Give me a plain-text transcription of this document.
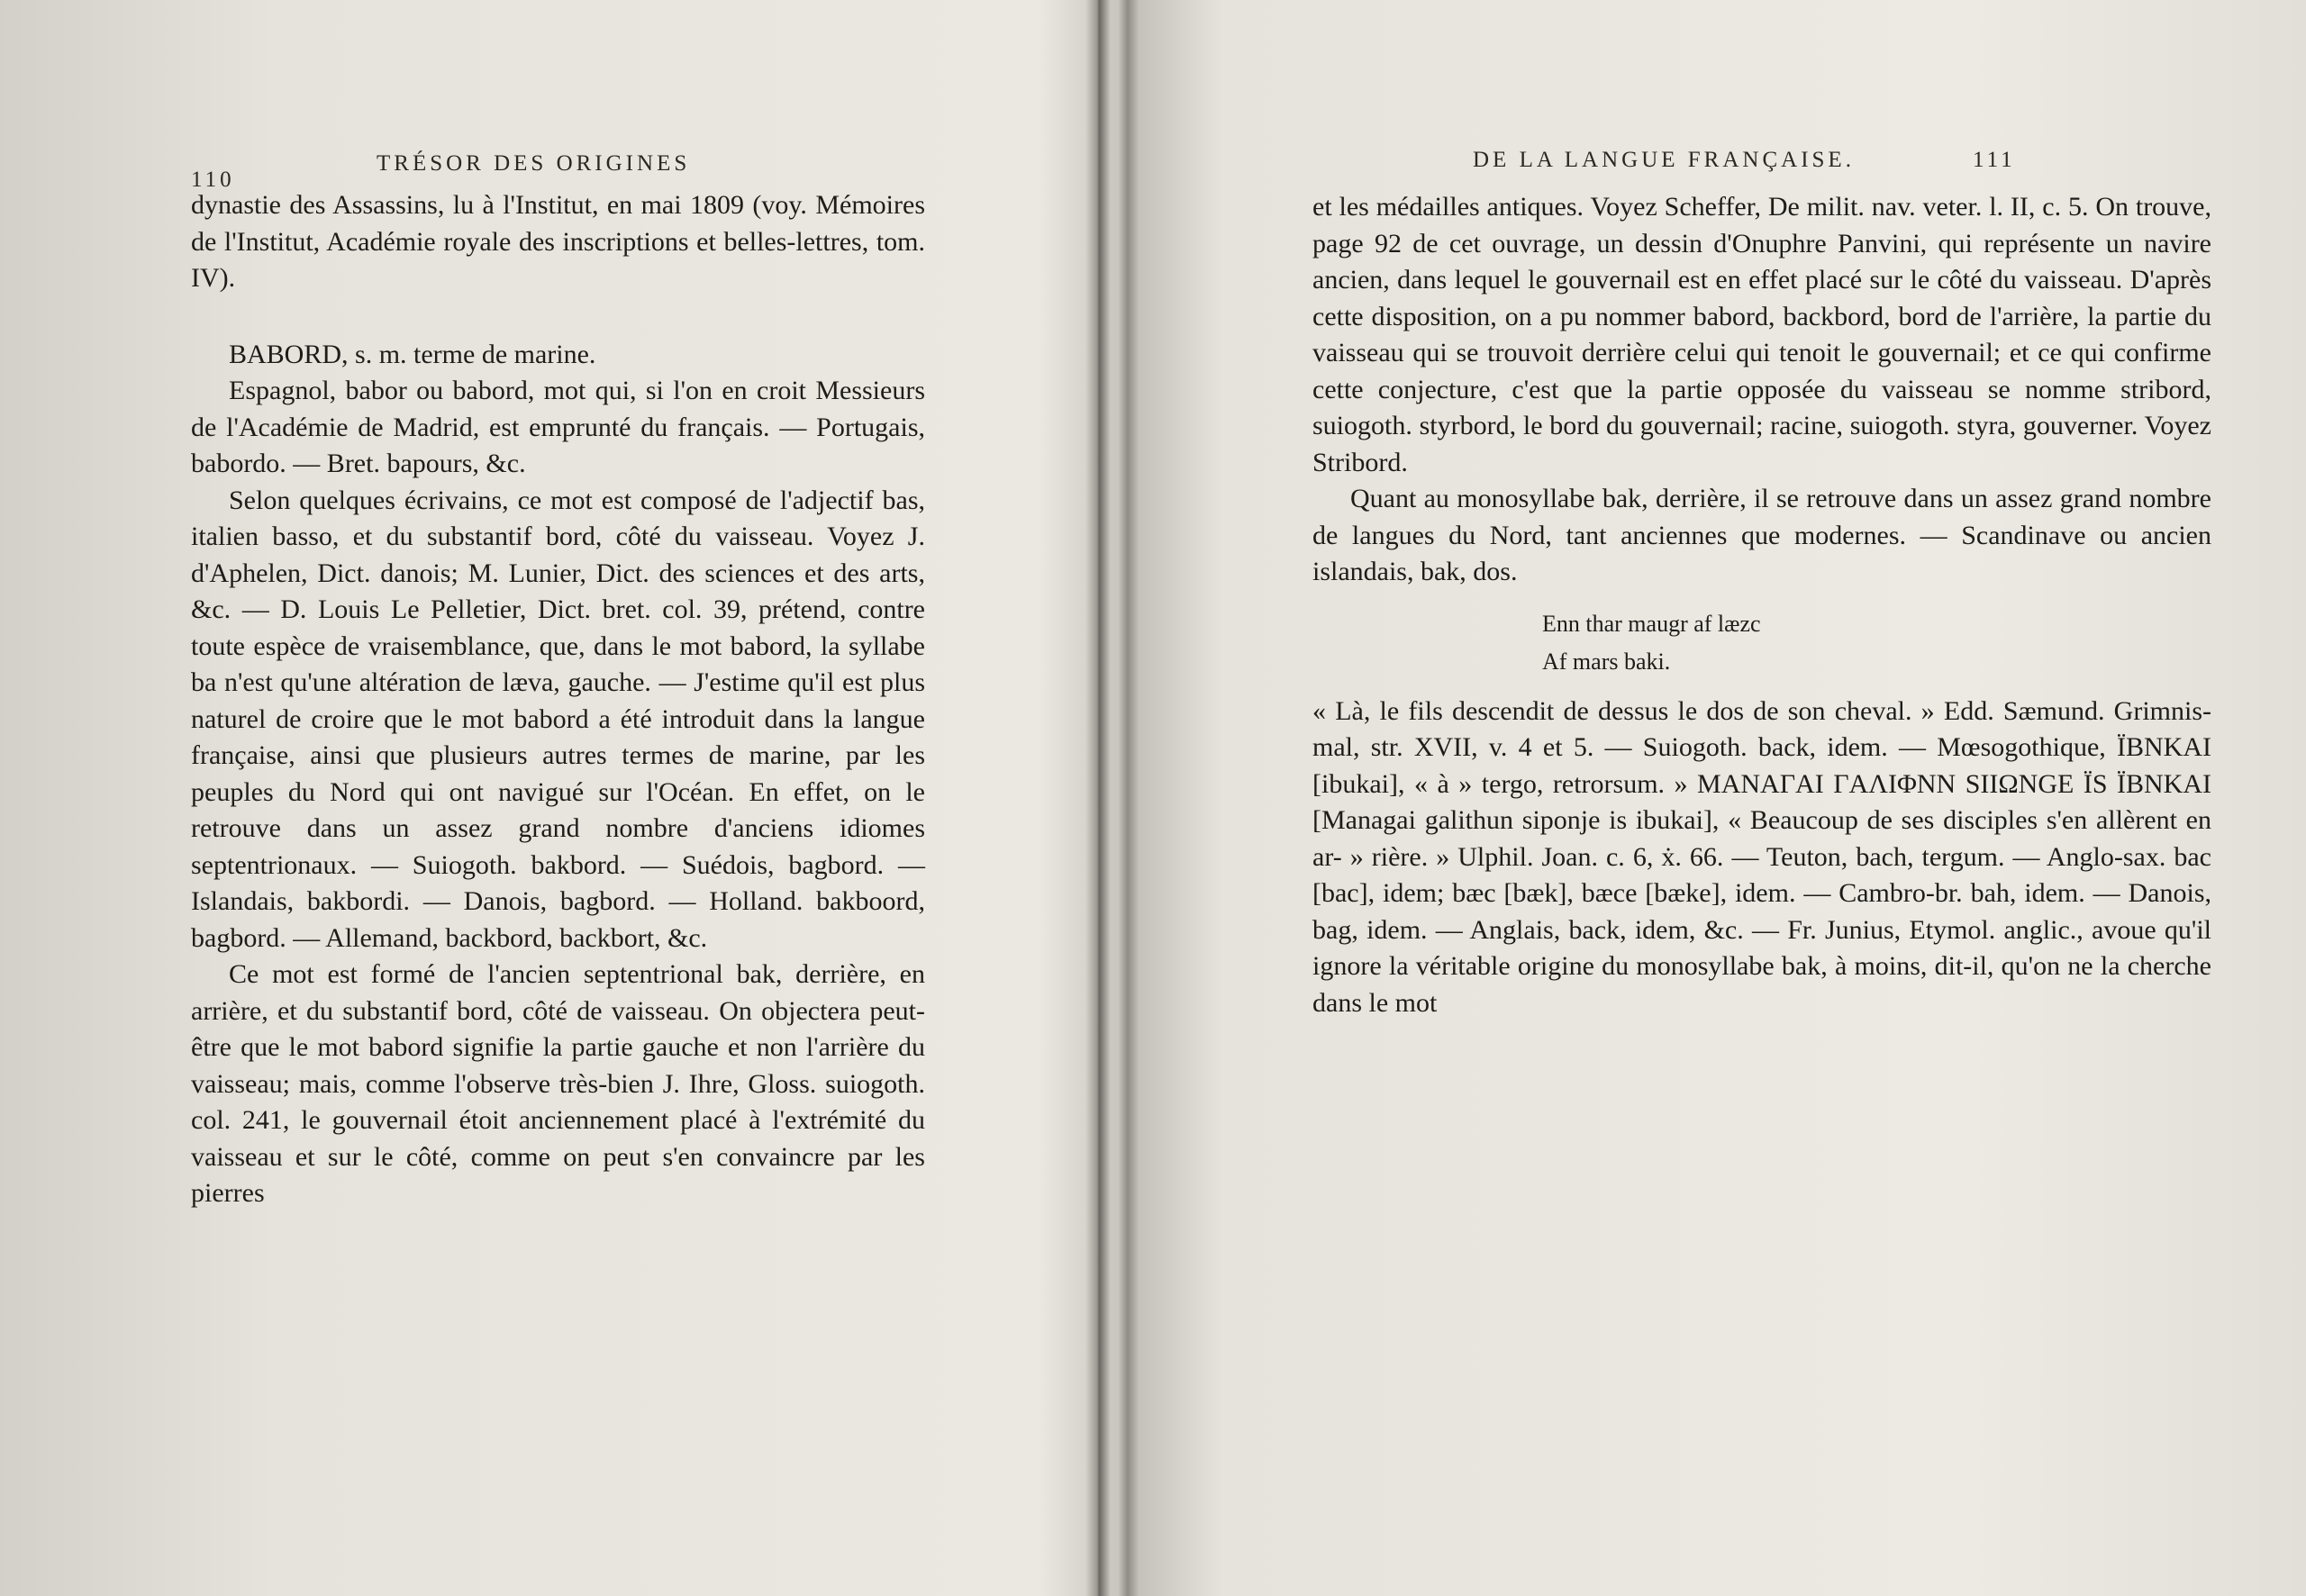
110
TRÉSOR DES ORIGINES

dynastie des Assassins, lu à l'Institut, en mai 1809 (voy. Mémoires de l'Institut, Académie royale des inscriptions et belles-lettres, tom. IV).

BABORD, s. m. terme de marine.

Espagnol, babor ou babord, mot qui, si l'on en croit Messieurs de l'Académie de Madrid, est emprunté du français. — Portugais, babordo. — Bret. bapours, &c.

Selon quelques écrivains, ce mot est composé de l'adjectif bas, italien basso, et du substantif bord, côté du vaisseau. Voyez J. d'Aphelen, Dict. danois; M. Lunier, Dict. des sciences et des arts, &c. — D. Louis Le Pelletier, Dict. bret. col. 39, prétend, contre toute espèce de vraisemblance, que, dans le mot babord, la syllabe ba n'est qu'une altération de læva, gauche. — J'estime qu'il est plus naturel de croire que le mot babord a été introduit dans la langue française, ainsi que plusieurs autres termes de marine, par les peuples du Nord qui ont navigué sur l'Océan. En effet, on le retrouve dans un assez grand nombre d'anciens idiomes septentrionaux. — Suiogoth. bakbord. — Suédois, bagbord. — Islandais, bakbordi. — Danois, bagbord. — Holland. bakboord, bagbord. — Allemand, backbord, backbort, &c.

Ce mot est formé de l'ancien septentrional bak, derrière, en arrière, et du substantif bord, côté de vaisseau. On objectera peut-être que le mot babord signifie la partie gauche et non l'arrière du vaisseau; mais, comme l'observe très-bien J. Ihre, Gloss. suiogoth. col. 241, le gouvernail étoit anciennement placé à l'extrémité du vaisseau et sur le côté, comme on peut s'en convaincre par les pierres

DE LA LANGUE FRANÇAISE.	111

et les médailles antiques. Voyez Scheffer, De milit. nav. veter. l. II, c. 5. On trouve, page 92 de cet ouvrage, un dessin d'Onuphre Panvini, qui représente un navire ancien, dans lequel le gouvernail est en effet placé sur le côté du vaisseau. D'après cette disposition, on a pu nommer babord, backbord, bord de l'arrière, la partie du vaisseau qui se trouvoit derrière celui qui tenoit le gouvernail; et ce qui confirme cette conjecture, c'est que la partie opposée du vaisseau se nomme stribord, suiogoth. styrbord, le bord du gouvernail; racine, suiogoth. styra, gouverner. Voyez Stribord.

Quant au monosyllabe bak, derrière, il se retrouve dans un assez grand nombre de langues du Nord, tant anciennes que modernes. — Scandinave ou ancien islandais, bak, dos.

Enn thar maugr af læzc
Af mars baki.

« Là, le fils descendit de dessus le dos de son cheval. » Edd. Sæmund. Grimnis-mal, str. XVII, v. 4 et 5. — Suiogoth. back, idem. — Mœsogothique, ÏBNKAI [ibukai], « à » tergo, retrorsum. » MANAΓAI ΓAΛIΦNN SIIΩNGE ÏS ÏBNKAI [Managai galithun siponje is ibukai], « Beaucoup de ses disciples s'en allèrent en ar- » rière. » Ulphil. Joan. c. 6, ẋ. 66. — Teuton, bach, tergum. — Anglo-sax. bac [bac], idem; bæc [bæk], bæce [bæke], idem. — Cambro-br. bah, idem. — Danois, bag, idem. — Anglais, back, idem, &c. — Fr. Junius, Etymol. anglic., avoue qu'il ignore la véritable origine du monosyllabe bak, à moins, dit-il, qu'on ne la cherche dans le mot
